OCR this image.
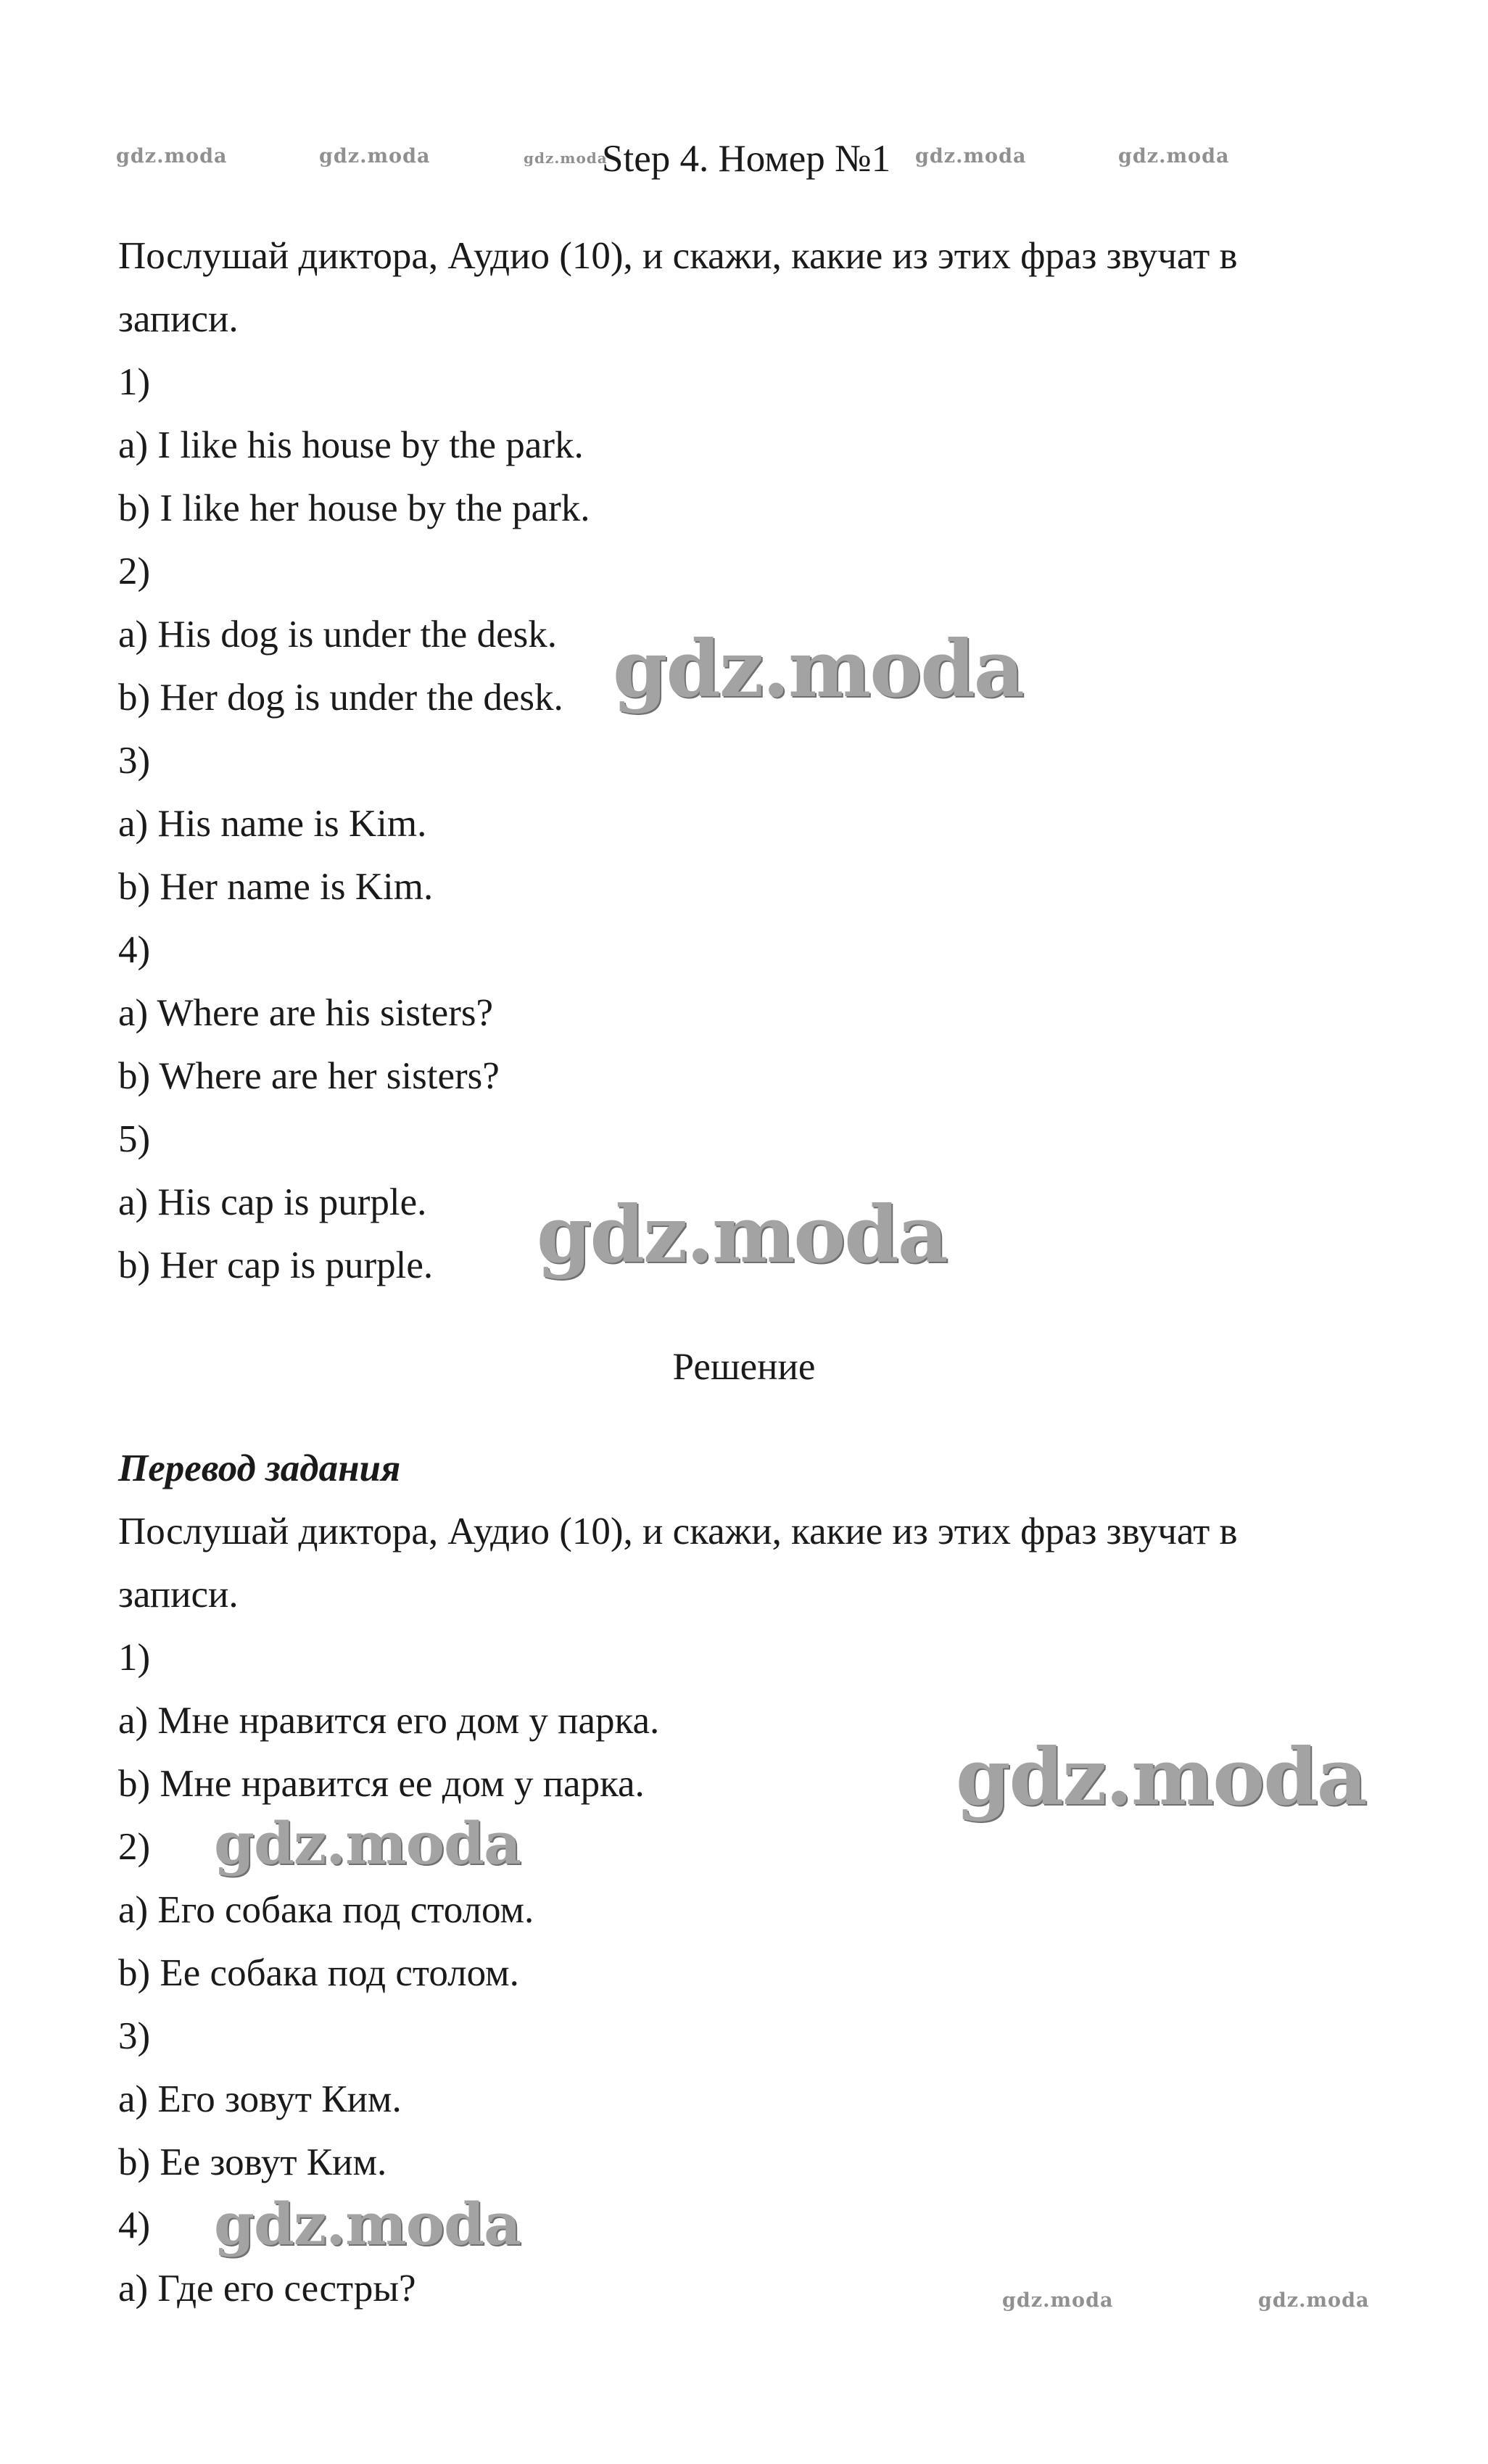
Step 4. Номер №1
Послушай диктора, Аудио (10), и скажи, какие из этих фраз звучат в
записи.
1)
a) I like his house by the park.
b) I like her house by the park.
2)
a) His dog is under the desk.
b) Her dog is under the desk.
3)
a) His name is Kim.
b) Her name is Kim.
4)
a) Where are his sisters?
b) Where are her sisters?
5)
a) His cap is purple.
b) Her cap is purple.
Решение
Перевод задания
Послушай диктора, Аудио (10), и скажи, какие из этих фраз звучат в
записи.
1)
a) Мне нравится его дом у парка.
b) Мне нравится ее дом у парка.
2)
a) Его собака под столом.
b) Ее собака под столом.
3)
a) Его зовут Ким.
b) Ее зовут Ким.
4)
a) Где его сестры?
gdz.moda	gdz.moda	gdz.moda	gdz.moda	gdz.moda
gdz.moda
gdz.moda
gdz.moda
gdz.moda
gdz.moda
gdz.moda	gdz.moda
